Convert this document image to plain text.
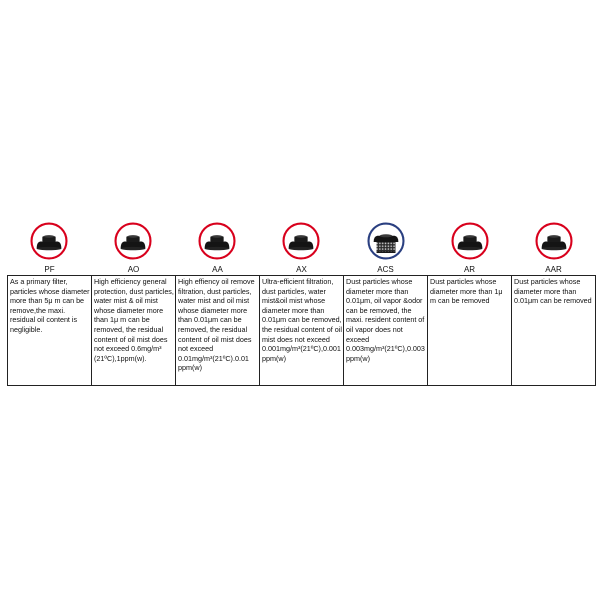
PF	AO	AA	AX	ACS	AR	AAR
As a primary filter, particles whose diameter more than 5μ m can be remove,the maxi. residual oil content is negligible.	High efficiency general protection, dust particles, water mist & oil mist whose diameter more than 1μ m can be removed, the residual content of oil mist does not exceed 0.6mg/m³ (21ºC),1ppm(w).	High effiency oil remove filtration, dust particles, water mist and oil mist whose diameter more than 0.01μm can be removed, the residual content of oil mist does not exceed 0.01mg/m³(21ºC).0.01 ppm(w)	Ultra-efficient filtration, dust particles, water mist&oil mist whose diameter more than 0.01μm can be removed, the residual content of oil mist does not exceed 0.001mg/m³(21ºC),0.001ppm(w)	Dust particles whose diameter more than 0.01μm, oil vapor &odor can be removed, the maxi. resident content of oil vapor does not exceed 0.003mg/m³(21ºC),0.003ppm(w)	Dust particles whose diameter more than 1μ m can be removed	Dust particles whose diameter more than 0.01μm can be removed
